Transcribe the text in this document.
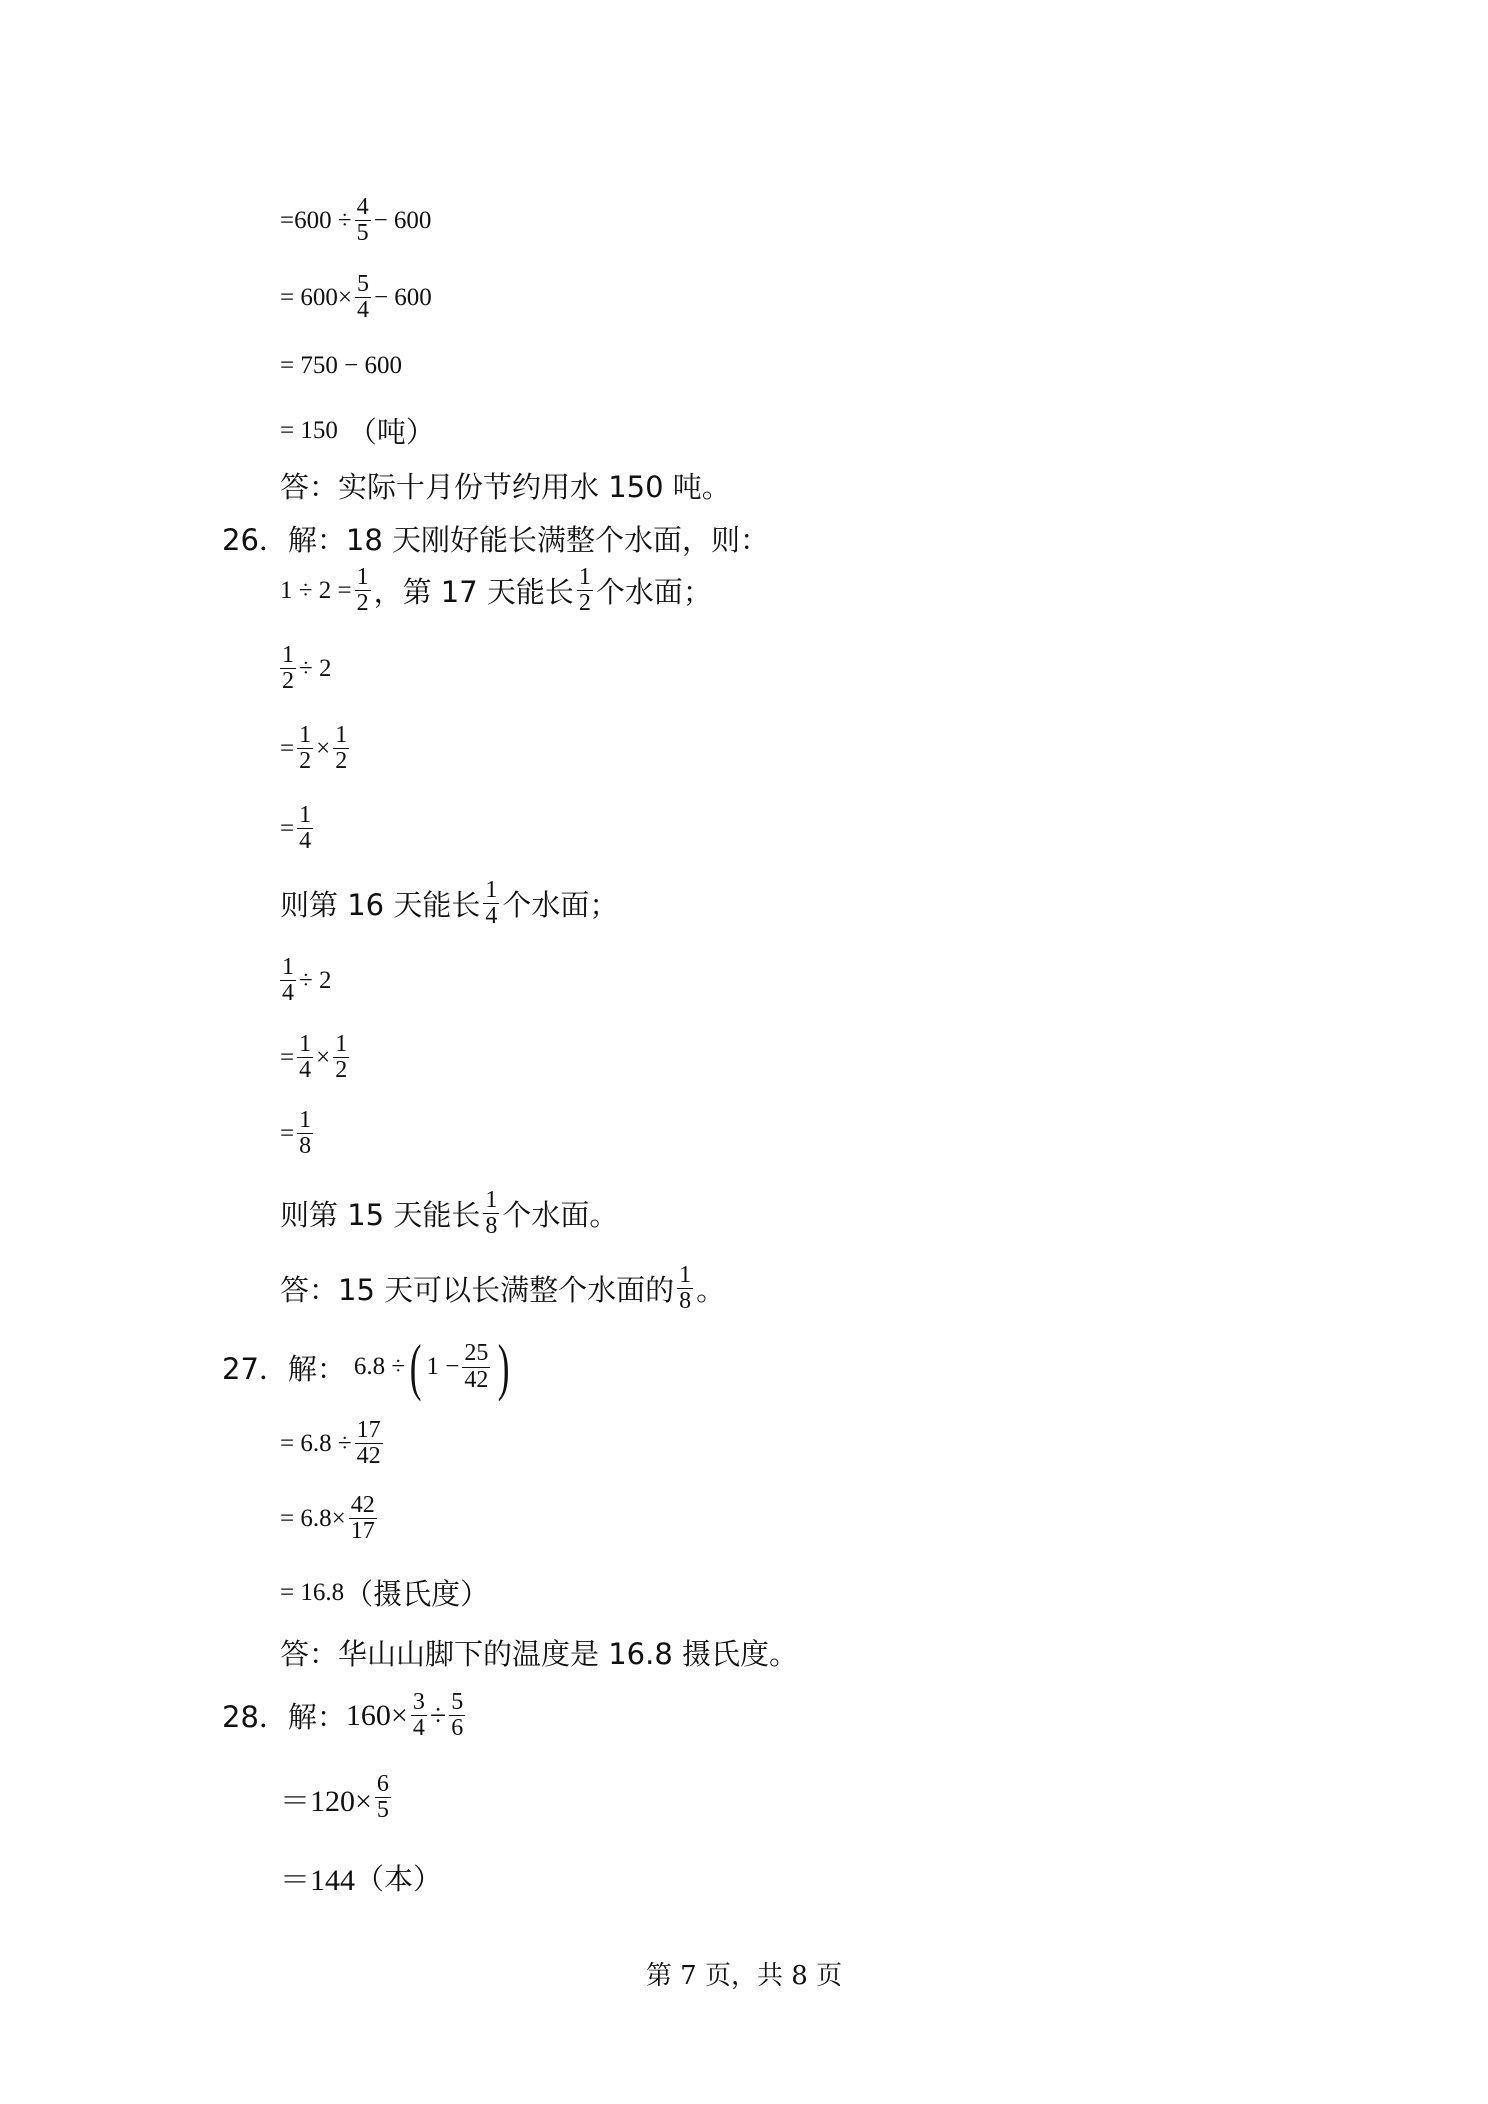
$=600 \div \frac{4}{5} - 600$
= $600\times \frac{5}{4} - 600$
= 750 − 600
= 150 （吨）
答：实际十月份节约用水 150 吨。
26．解：18 天刚好能长满整个水面，则：
$1 \div 2 = \frac{1}{2}$ ，第 17 天能长 $\frac{1}{2}$ 个水面；
$\frac{1}{2} \div 2$
= $\frac{1}{2} \times \frac{1}{2}$
= $\frac{1}{4}$
则第 16 天能长 $\frac{1}{4}$ 个水面；
$\frac{1}{4} \div 2$
= $\frac{1}{4} \times \frac{1}{2}$
= $\frac{1}{8}$
则第 15 天能长 $\frac{1}{8}$ 个水面。
答：15 天可以长满整个水面的 $\frac{1}{8}$ 。
27．解： 6.8 ÷ ( $1 - \frac{25}{42}$ )
= $6.8 \div \frac{17}{42}$
= $6.8\times \frac{42}{17}$
= 16.8 （摄氏度）
答：华山山脚下的温度是 16.8 摄氏度。
28．解： $160\times \frac{3}{4} \div \frac{5}{6}$
$=120\times \frac{6}{5}$
＝144 （本）
第 7 页，共 8 页
